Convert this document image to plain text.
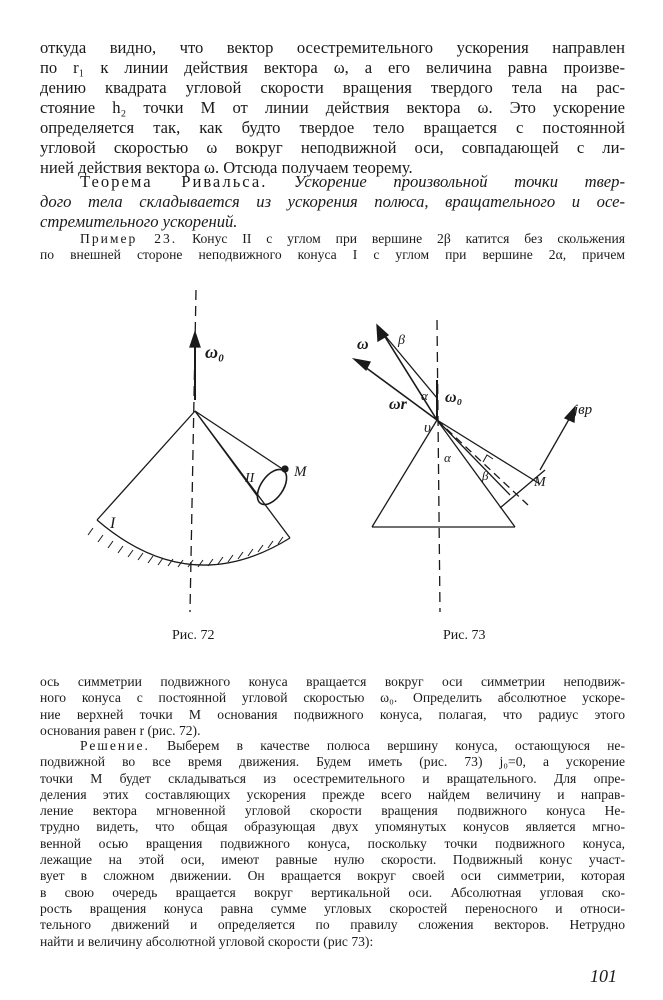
откуда видно, что вектор осестремительного ускорения направлен
по r₁ к линии действия вектора ω, а его величина равна произве-
дению квадрата угловой скорости вращения твердого тела на рас-
стояние h₂ точки M от линии действия вектора ω. Это ускорение
определяется так, как будто твердое тело вращается с постоянной
угловой скоростью ω вокруг неподвижной оси, совпадающей с ли-
нией действия вектора ω. Отсюда получаем теорему.
Теорема Ривальса. Ускорение произвольной точки твер-
дого тела складывается из ускорения полюса, вращательного и осе-
стремительного ускорений.
Пример 23. Конус II с углом при вершине 2β катится без скольжения
по внешней стороне неподвижного конуса I с углом при вершине 2α, причем
ω₀
I
II	M
ω β
α ω₀
ωr
υ
α
β	M
jвр
Рис. 72	Рис. 73
ось симметрии подвижного конуса вращается вокруг оси симметрии неподвиж-
ного конуса с постоянной угловой скоростью ω₀. Определить абсолютное ускоре-
ние верхней точки M основания подвижного конуса, полагая, что радиус этого
основания равен r (рис. 72).
Решение. Выберем в качестве полюса вершину конуса, остающуюся не-
подвижной во все время движения. Будем иметь (рис. 73) j₀=0, а ускорение
точки M будет складываться из осестремительного и вращательного. Для опре-
деления этих составляющих ускорения прежде всего найдем величину и направ-
ление вектора мгновенной угловой скорости вращения подвижного конуса Не-
трудно видеть, что общая образующая двух упомянутых конусов является мгно-
венной осью вращения подвижного конуса, поскольку точки подвижного конуса,
лежащие на этой оси, имеют равные нулю скорости. Подвижный конус участ-
вует в сложном движении. Он вращается вокруг своей оси симметрии, которая
в свою очередь вращается вокруг вертикальной оси. Абсолютная угловая ско-
рость вращения конуса равна сумме угловых скоростей переносного и относи-
тельного движений и определяется по правилу сложения векторов. Нетрудно
найти и величину абсолютной угловой скорости (рис 73):
101
